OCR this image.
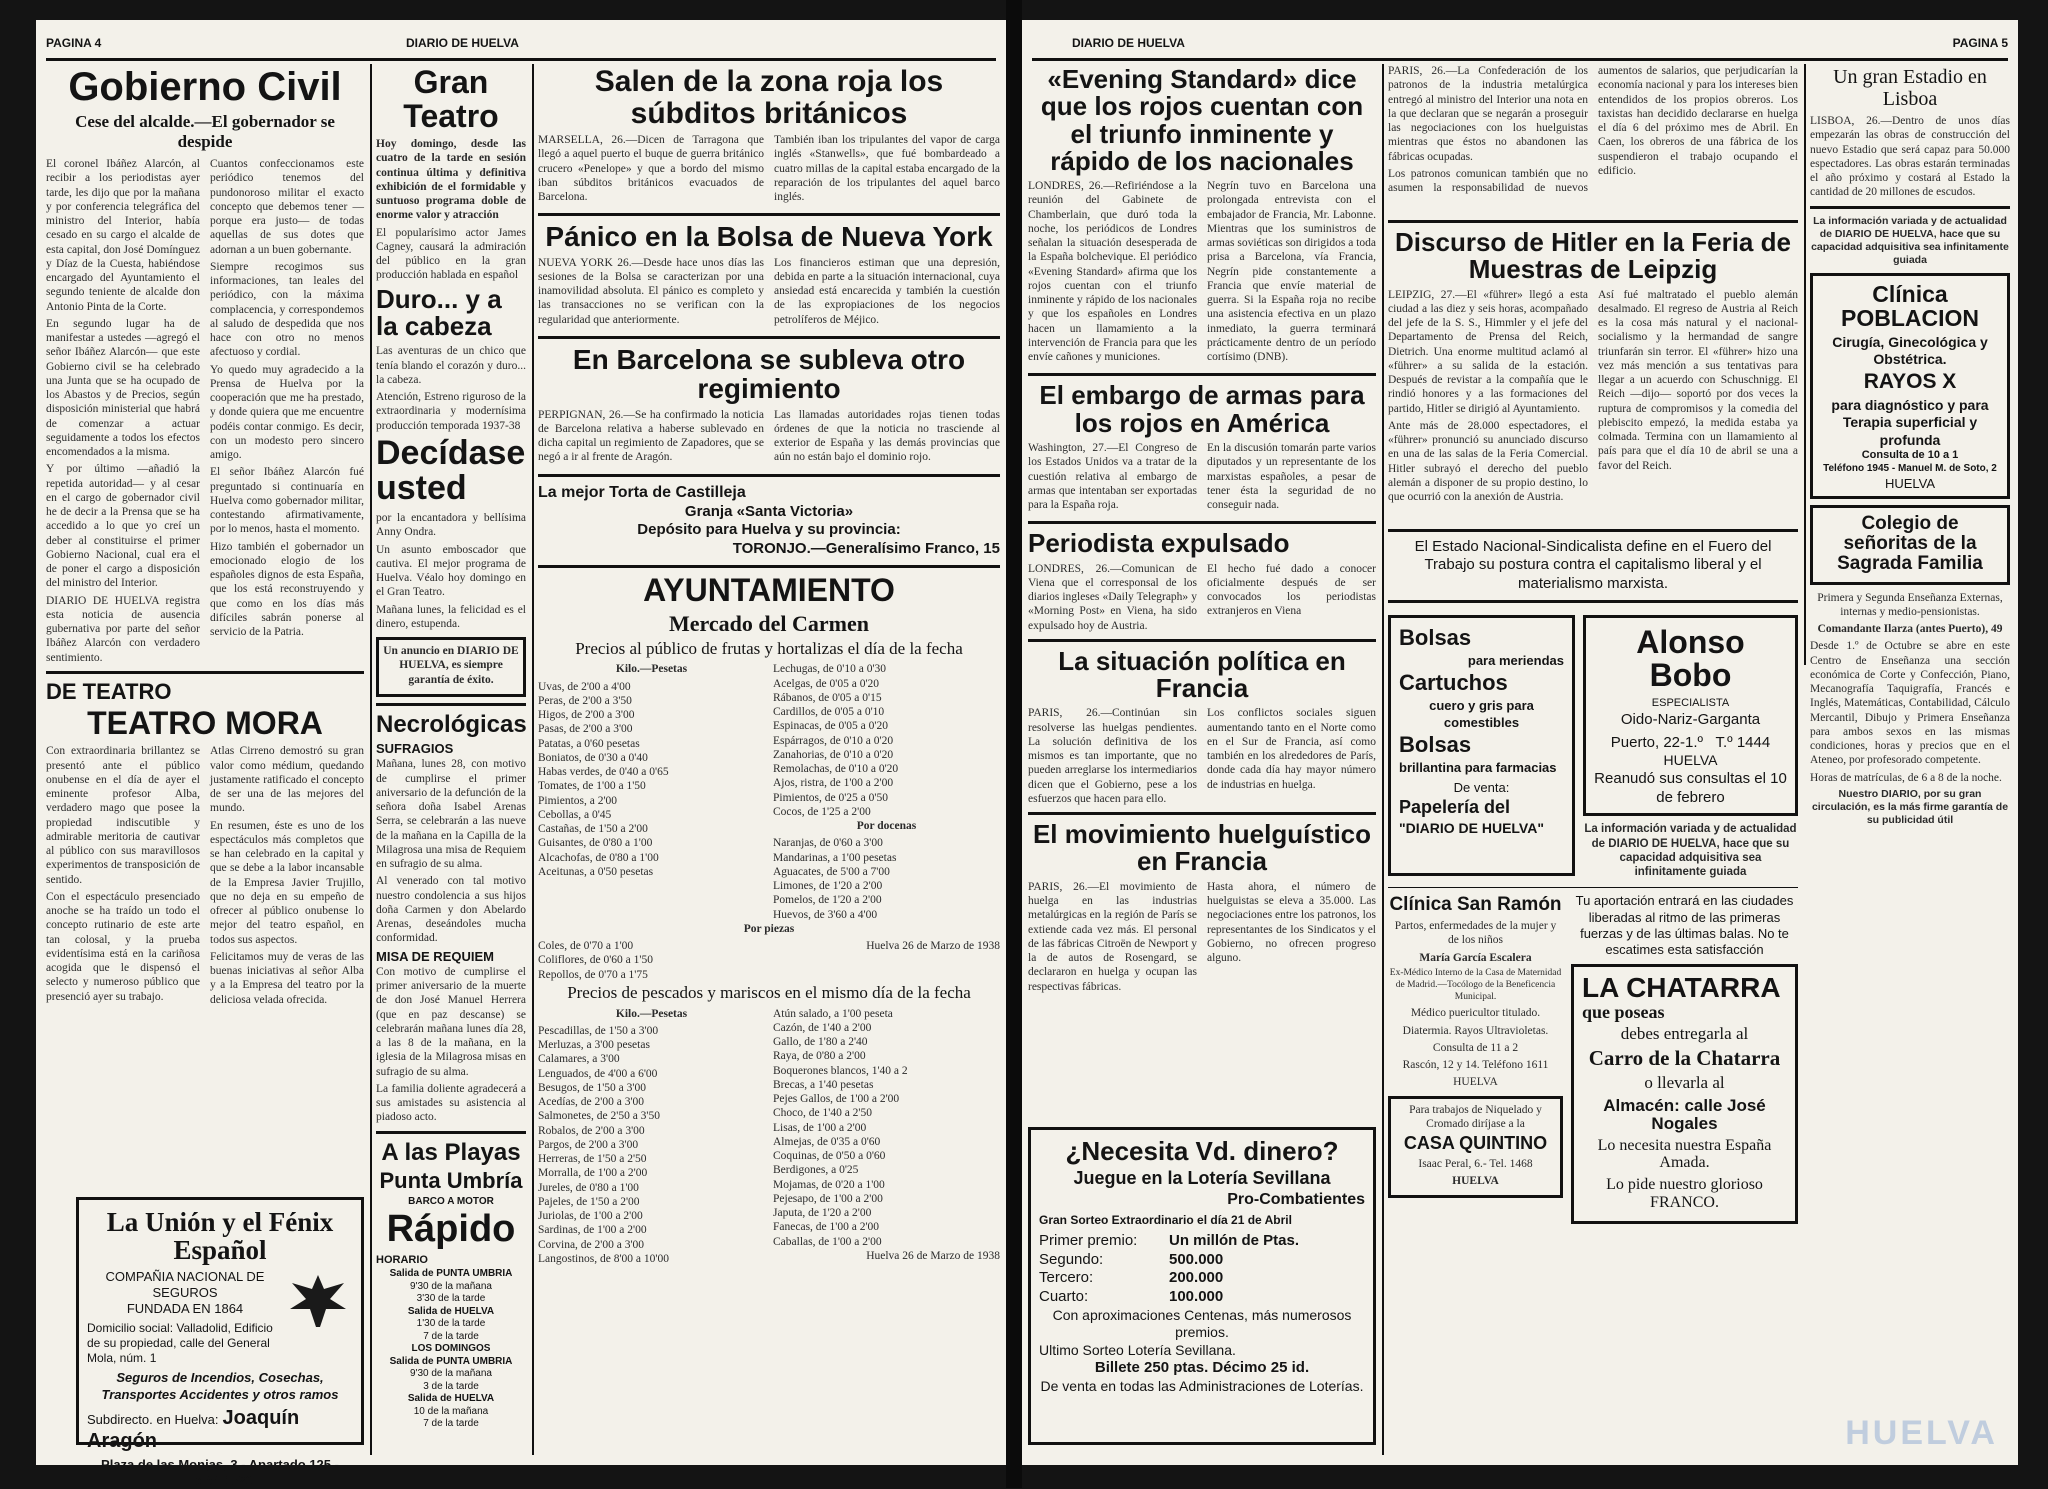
PAGINA 4	DIARIO DE HUELVA
Gobierno Civil
Cese del alcalde.—El gobernador se despide

El coronel Ibáñez Alarcón, al recibir a los periodistas ayer tarde, les dijo que por la mañana y por conferencia telegráfica del ministro del Interior, había cesado en su cargo el alcalde de esta capital, don José Domínguez y Díaz de la Cuesta, habiéndose encargado del Ayuntamiento el segundo teniente de alcalde don Antonio Pinta de la Corte.

En segundo lugar ha de manifestar a ustedes —agregó el señor Ibáñez Alarcón— que este Gobierno civil se ha celebrado una Junta que se ha ocupado de los Abastos y de Precios, según disposición ministerial que habrá de comenzar a actuar seguidamente a todos los efectos encomendados a la misma.

Y por último —añadió la repetida autoridad— y al cesar en el cargo de gobernador civil he de decir a la Prensa que se ha accedido a lo que yo creí un deber al constituirse el primer Gobierno Nacional, cual era el de poner el cargo a disposición del ministro del Interior.

DIARIO DE HUELVA registra esta noticia de ausencia gubernativa por parte del señor Ibáñez Alarcón con verdadero sentimiento.

Cuantos confeccionamos este periódico tenemos del pundonoroso militar el exacto concepto que debemos tener —porque era justo— de todas aquellas de sus dotes que adornan a un buen gobernante.

Siempre recogimos sus informaciones, tan leales del periódico, con la máxima complacencia, y correspondemos al saludo de despedida que nos hace con otro no menos afectuoso y cordial.

Yo quedo muy agradecido a la Prensa de Huelva por la cooperación que me ha prestado, y donde quiera que me encuentre podéis contar conmigo. Es decir, con un modesto pero sincero amigo.

El señor Ibáñez Alarcón fué preguntado si continuaría en Huelva como gobernador militar, contestando afirmativamente, por lo menos, hasta el momento.

Hizo también el gobernador un emocionado elogio de los españoles dignos de esta España, que los está reconstruyendo y que como en los días más difíciles sabrán ponerse al servicio de la Patria.

DE TEATRO
TEATRO MORA

Con extraordinaria brillantez se presentó ante el público onubense en el día de ayer el eminente profesor Alba, verdadero mago que posee la propiedad indiscutible y admirable meritoria de cautivar al público con sus maravillosos experimentos de transposición de sentido.

Con el espectáculo presenciado anoche se ha traído un todo el concepto rutinario de este arte tan colosal, y la prueba evidentísima está en la cariñosa acogida que le dispensó el selecto y numeroso público que presenció ayer su trabajo.

Atlas Cirreno demostró su gran valor como médium, quedando justamente ratificado el concepto de ser una de las mejores del mundo.

En resumen, éste es uno de los espectáculos más completos que se han celebrado en la capital y que se debe a la labor incansable de la Empresa Javier Trujillo, que no deja en su empeño de ofrecer al público onubense lo mejor del teatro español, en todos sus aspectos.

Felicitamos muy de veras de las buenas iniciativas al señor Alba y a la Empresa del teatro por la deliciosa velada ofrecida.

La Unión y el Fénix Español
COMPAÑIA NACIONAL DE SEGUROS
FUNDADA EN 1864
Domicilio social: Valladolid, Edificio de su propiedad, calle del General Mola, núm. 1
Seguros de Incendios, Cosechas, Transportes Accidentes y otros ramos
Subdirecto. en Huelva: Joaquín Aragón
Plaza de las Monjas, 3 - Apartado 125 - Teléf. 1520
Gran Teatro

Hoy domingo, desde las cuatro de la tarde en sesión continua última y definitiva exhibición de el formidable y suntuoso programa doble de enorme valor y atracción

El popularísimo actor James Cagney, causará la admiración del público en la gran producción hablada en español

Duro... y a la cabeza

Las aventuras de un chico que tenía blando el corazón y duro... la cabeza.

Atención, Estreno riguroso de la extraordinaria y modernísima producción temporada 1937-38

Decídase usted

por la encantadora y bellísima Anny Ondra.

Un asunto emboscador que cautiva. El mejor programa de Huelva. Véalo hoy domingo en el Gran Teatro.

Mañana lunes, la felicidad es el dinero, estupenda.

Un anuncio en DIARIO DE HUELVA, es siempre garantía de éxito.
Necrológicas
SUFRAGIOS

Mañana, lunes 28, con motivo de cumplirse el primer aniversario de la defunción de la señora doña Isabel Arenas Serra, se celebrarán a las nueve de la mañana en la Capilla de la Milagrosa una misa de Requiem en sufragio de su alma.

Al venerado con tal motivo nuestro condolencia a sus hijos doña Carmen y don Abelardo Arenas, deseándoles mucha conformidad.

MISA DE REQUIEM

Con motivo de cumplirse el primer aniversario de la muerte de don José Manuel Herrera (que en paz descanse) se celebrarán mañana lunes día 28, a las 8 de la mañana, en la iglesia de la Milagrosa misas en sufragio de su alma.

La familia doliente agradecerá a sus amistades su asistencia al piadoso acto.

A las Playas
Punta Umbría
BARCO A MOTOR
Rápido
HORARIO
Salida de PUNTA UMBRIA
9'30 de la mañana
3'30 de la tarde
Salida de HUELVA
1'30 de la tarde
7 de la tarde
LOS DOMINGOS
Salida de PUNTA UMBRIA
9'30 de la mañana
3 de la tarde
Salida de HUELVA
10 de la mañana
7 de la tarde
Salen de la zona roja los súbditos británicos

MARSELLA, 26.—Dicen de Tarragona que llegó a aquel puerto el buque de guerra británico crucero «Penelope» y que a bordo del mismo iban súbditos británicos evacuados de Barcelona.

También iban los tripulantes del vapor de carga inglés «Stanwells», que fué bombardeado a cuatro millas de la capital estaba encargado de la reparación de los tripulantes del aquel barco inglés.

Pánico en la Bolsa de Nueva York

NUEVA YORK 26.—Desde hace unos días las sesiones de la Bolsa se caracterizan por una inamovilidad absoluta. El pánico es completo y las transacciones no se verifican con la regularidad que anteriormente.

Los financieros estiman que una depresión, debida en parte a la situación internacional, cuya ansiedad está encarecida y también la cuestión de las expropiaciones de los negocios petrolíferos de Méjico.

En Barcelona se subleva otro regimiento

PERPIGNAN, 26.—Se ha confirmado la noticia de Barcelona relativa a haberse sublevado en dicha capital un regimiento de Zapadores, que se negó a ir al frente de Aragón.

Las llamadas autoridades rojas tienen todas órdenes de que la noticia no trasciende al exterior de España y las demás provincias que aún no están bajo el dominio rojo.

La mejor Torta de Castilleja
Granja «Santa Victoria»
Depósito para Huelva y su provincia:
TORONJO.—Generalísimo Franco, 15
AYUNTAMIENTO
Mercado del Carmen
Precios al público de frutas y hortalizas el día de la fecha
Kilo.—Pesetas
Uvas, de 2'00 a 4'00
Peras, de 2'00 a 3'50
Higos, de 2'00 a 3'00
Pasas, de 2'00 a 3'00
Patatas, a 0'60 pesetas
Boniatos, de 0'30 a 0'40
Habas verdes, de 0'40 a 0'65
Tomates, de 1'00 a 1'50
Pimientos, a 2'00
Cebollas, a 0'45
Castañas, de 1'50 a 2'00
Guisantes, de 0'80 a 1'00
Alcachofas, de 0'80 a 1'00
Aceitunas, a 0'50 pesetas
Lechugas, de 0'10 a 0'30
Acelgas, de 0'05 a 0'20
Rábanos, de 0'05 a 0'15
Cardillos, de 0'05 a 0'10
Espinacas, de 0'05 a 0'20
Espárragos, de 0'10 a 0'20
Zanahorias, de 0'10 a 0'20
Remolachas, de 0'10 a 0'20
Ajos, ristra, de 1'00 a 2'00
Pimientos, de 0'25 a 0'50
Cocos, de 1'25 a 2'00
Por docenas
Naranjas, de 0'60 a 3'00
Mandarinas, a 1'00 pesetas
Aguacates, de 5'00 a 7'00
Limones, de 1'20 a 2'00
Pomelos, de 1'20 a 2'00
Huevos, de 3'60 a 4'00
Por piezas
Coles, de 0'70 a 1'00
Coliflores, de 0'60 a 1'50
Repollos, de 0'70 a 1'75
Huelva 26 de Marzo de 1938
Precios de pescados y mariscos en el mismo día de la fecha
Kilo.—Pesetas
Pescadillas, de 1'50 a 3'00
Merluzas, a 3'00 pesetas
Calamares, a 3'00
Lenguados, de 4'00 a 6'00
Besugos, de 1'50 a 3'00
Acedías, de 2'00 a 3'00
Salmonetes, de 2'50 a 3'50
Robalos, de 2'00 a 3'00
Pargos, de 2'00 a 3'00
Herreras, de 1'50 a 2'50
Morralla, de 1'00 a 2'00
Jureles, de 0'80 a 1'00
Pajeles, de 1'50 a 2'00
Juriolas, de 1'00 a 2'00
Sardinas, de 1'00 a 2'00
Corvina, de 2'00 a 3'00
Langostinos, de 8'00 a 10'00
Atún salado, a 1'00 peseta
Cazón, de 1'40 a 2'00
Gallo, de 1'80 a 2'40
Raya, de 0'80 a 2'00
Boquerones blancos, 1'40 a 2
Brecas, a 1'40 pesetas
Pejes Gallos, de 1'00 a 2'00
Choco, de 1'40 a 2'50
Lisas, de 1'00 a 2'00
Almejas, de 0'35 a 0'60
Coquinas, de 0'50 a 0'60
Berdigones, a 0'25
Mojamas, de 0'20 a 1'00
Pejesapo, de 1'00 a 2'00
Japuta, de 1'20 a 2'00
Fanecas, de 1'00 a 2'00
Caballas, de 1'00 a 2'00
Huelva 26 de Marzo de 1938
DIARIO DE HUELVA	PAGINA 5
«Evening Standard» dice que los rojos cuentan con el triunfo inminente y rápido de los nacionales

LONDRES, 26.—Refiriéndose a la reunión del Gabinete de Chamberlain, que duró toda la noche, los periódicos de Londres señalan la situación desesperada de la España bolchevique. El periódico «Evening Standard» afirma que los rojos cuentan con el triunfo inminente y rápido de los nacionales y que los españoles en Londres hacen un llamamiento a la intervención de Francia para que les envíe cañones y municiones.

Negrín tuvo en Barcelona una prolongada entrevista con el embajador de Francia, Mr. Labonne. Mientras que los suministros de armas soviéticas son dirigidos a toda prisa a Barcelona, vía Francia, Negrín pide constantemente a Francia que envíe material de guerra. Si la España roja no recibe una asistencia efectiva en un plazo inmediato, la guerra terminará prácticamente dentro de un período cortísimo (DNB).

El embargo de armas para los rojos en América

Washington, 27.—El Congreso de los Estados Unidos va a tratar de la cuestión relativa al embargo de armas que intentaban ser exportadas para la España roja.

En la discusión tomarán parte varios diputados y un representante de los marxistas españoles, a pesar de tener ésta la seguridad de no conseguir nada.

Periodista expulsado

LONDRES, 26.—Comunican de Viena que el corresponsal de los diarios ingleses «Daily Telegraph» y «Morning Post» en Viena, ha sido expulsado hoy de Austria.

El hecho fué dado a conocer oficialmente después de ser convocados los periodistas extranjeros en Viena

La situación política en Francia

PARIS, 26.—Continúan sin resolverse las huelgas pendientes. La solución definitiva de los mismos es tan importante, que no pueden arreglarse los intermediarios dicen que el Gobierno, pese a los esfuerzos que hacen para ello.

Los conflictos sociales siguen aumentando tanto en el Norte como en el Sur de Francia, así como también en los alrededores de París, donde cada día hay mayor número de industrias en huelga.

El movimiento huelguístico en Francia

PARIS, 26.—El movimiento de huelga en las industrias metalúrgicas en la región de París se extiende cada vez más. El personal de las fábricas Citroën de Newport y la de autos de Rosengard, se declararon en huelga y ocupan las respectivas fábricas.

Hasta ahora, el número de huelguistas se eleva a 35.000. Las negociaciones entre los patronos, los representantes de los Sindicatos y el Gobierno, no ofrecen progreso alguno.

¿Necesita Vd. dinero?
Juegue en la Lotería Sevillana
Pro-Combatientes
Gran Sorteo Extraordinario el día 21 de Abril
Primer premio:	Un millón de Ptas.
Segundo:	500.000
Tercero:	200.000
Cuarto:	100.000
Con aproximaciones Centenas, más numerosos premios.
Ultimo Sorteo Lotería Sevillana.
Billete 250 ptas. Décimo 25 id.
De venta en todas las Administraciones de Loterías.

PARIS, 26.—La Confederación de los patronos de la industria metalúrgica entregó al ministro del Interior una nota en la que declaran que se negarán a proseguir las negociaciones con los huelguistas mientras que éstos no abandonen las fábricas ocupadas.

Los patronos comunican también que no asumen la responsabilidad de nuevos aumentos de salarios, que perjudicarían la economía nacional y para los intereses bien entendidos de los propios obreros. Los taxistas han decidido declararse en huelga el día 6 del próximo mes de Abril. En Caen, los obreros de una fábrica de los suspendieron el trabajo ocupando el edificio.

Discurso de Hitler en la Feria de Muestras de Leipzig

LEIPZIG, 27.—El «führer» llegó a esta ciudad a las diez y seis horas, acompañado del jefe de la S. S., Himmler y el jefe del Departamento de Prensa del Reich, Dietrich. Una enorme multitud aclamó al «führer» a su salida de la estación. Después de revistar a la compañía que le rindió honores y a las formaciones del partido, Hitler se dirigió al Ayuntamiento.

Ante más de 28.000 espectadores, el «führer» pronunció su anunciado discurso en una de las salas de la Feria Comercial. Hitler subrayó el derecho del pueblo alemán a disponer de su propio destino, lo que ocurrió con la anexión de Austria.

Así fué maltratado el pueblo alemán desalmado. El regreso de Austria al Reich es la cosa más natural y el nacional-socialismo y la hermandad de sangre triunfarán sin terror. El «führer» hizo una vez más mención a sus tentativas para llegar a un acuerdo con Schuschnigg. El Reich —dijo— soportó por dos veces la ruptura de compromisos y la comedia del plebiscito empezó, la medida estaba ya colmada. Termina con un llamamiento al país para que el día 10 de abril se una a favor del Reich.

El Estado Nacional-Sindicalista define en el Fuero del Trabajo su postura contra el capitalismo liberal y el materialismo marxista.
Bolsas
para meriendas
Cartuchos
cuero y gris para comestibles
Bolsas
brillantina para farmacias
De venta:
Papelería del
"DIARIO DE HUELVA"
Alonso Bobo
ESPECIALISTA
Oido-Nariz-Garganta
Puerto, 22-1.º T.º 1444
HUELVA
Reanudó sus consultas el 10 de febrero
La información variada y de actualidad de DIARIO DE HUELVA, hace que su capacidad adquisitiva sea infinitamente guiada
Clínica San Ramón
Partos, enfermedades de la mujer y de los niños
María García Escalera
Ex-Médico Interno de la Casa de Maternidad de Madrid.—Tocólogo de la Beneficencia Municipal.
Médico puericultor titulado.
Diatermia. Rayos Ultravioletas.
Consulta de 11 a 2
Rascón, 12 y 14. Teléfono 1611
HUELVA
Para trabajos de Niquelado y Cromado diríjase a la
CASA QUINTINO
Isaac Peral, 6.- Tel. 1468
HUELVA
Tu aportación entrará en las ciudades liberadas al ritmo de las primeras fuerzas y de las últimas balas. No te escatimes esta satisfacción
LA CHATARRA que poseas
debes entregarla al
Carro de la Chatarra
o llevarla al
Almacén: calle José Nogales
Lo necesita nuestra España Amada.
Lo pide nuestro glorioso FRANCO.
Un gran Estadio en Lisboa

LISBOA, 26.—Dentro de unos días empezarán las obras de construcción del nuevo Estadio que será capaz para 50.000 espectadores. Las obras estarán terminadas el año próximo y costará al Estado la cantidad de 20 millones de escudos.

La información variada y de actualidad de DIARIO DE HUELVA, hace que su capacidad adquisitiva sea infinitamente guiada
Clínica POBLACION
Cirugía, Ginecológica y Obstétrica.
RAYOS X
para diagnóstico y para Terapia superficial y profunda
Consulta de 10 a 1
Teléfono 1945 - Manuel M. de Soto, 2
HUELVA
Colegio de señoritas de la Sagrada Familia

Primera y Segunda Enseñanza Externas, internas y medio-pensionistas.

Comandante Ilarza (antes Puerto), 49

Desde 1.º de Octubre se abre en este Centro de Enseñanza una sección económica de Corte y Confección, Piano, Mecanografía Taquigrafía, Francés e Inglés, Matemáticas, Contabilidad, Cálculo Mercantil, Dibujo y Primera Enseñanza para ambos sexos en las mismas condiciones, horas y precios que en el Ateneo, por profesorado competente.

Horas de matrículas, de 6 a 8 de la noche.

Nuestro DIARIO, por su gran circulación, es la más firme garantía de su publicidad útil
HUELVA
